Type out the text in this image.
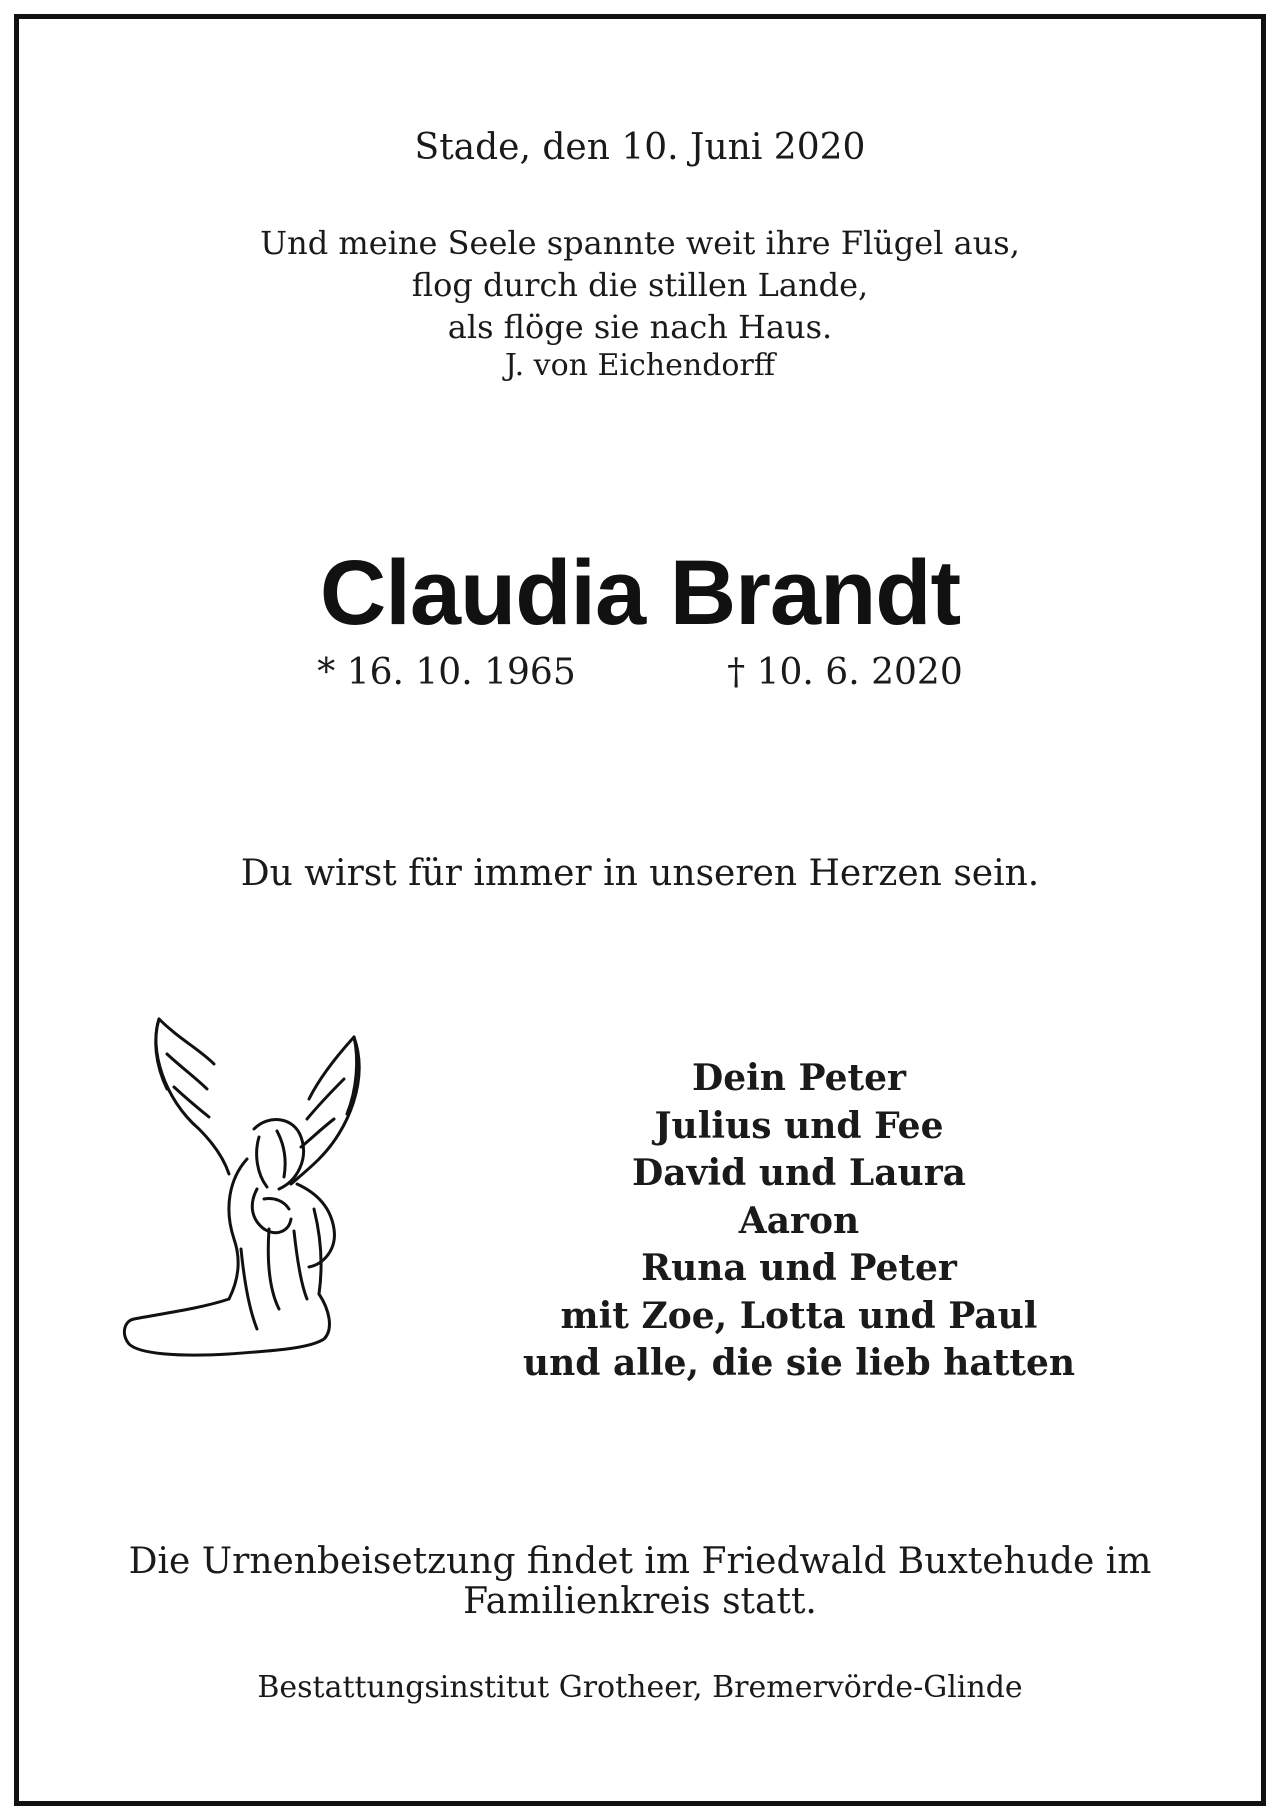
Stade, den 10. Juni 2020
Und meine Seele spannte weit ihre Flügel aus,
flog durch die stillen Lande,
als flöge sie nach Haus.
J. von Eichendorff
Claudia Brandt
* 16. 10. 1965	† 10. 6. 2020
Du wirst für immer in unseren Herzen sein.
Dein Peter
Julius und Fee
David und Laura
Aaron
Runa und Peter
mit Zoe, Lotta und Paul
und alle, die sie lieb hatten
Die Urnenbeisetzung findet im Friedwald Buxtehude im
Familienkreis statt.
Bestattungsinstitut Grotheer, Bremervörde-Glinde
